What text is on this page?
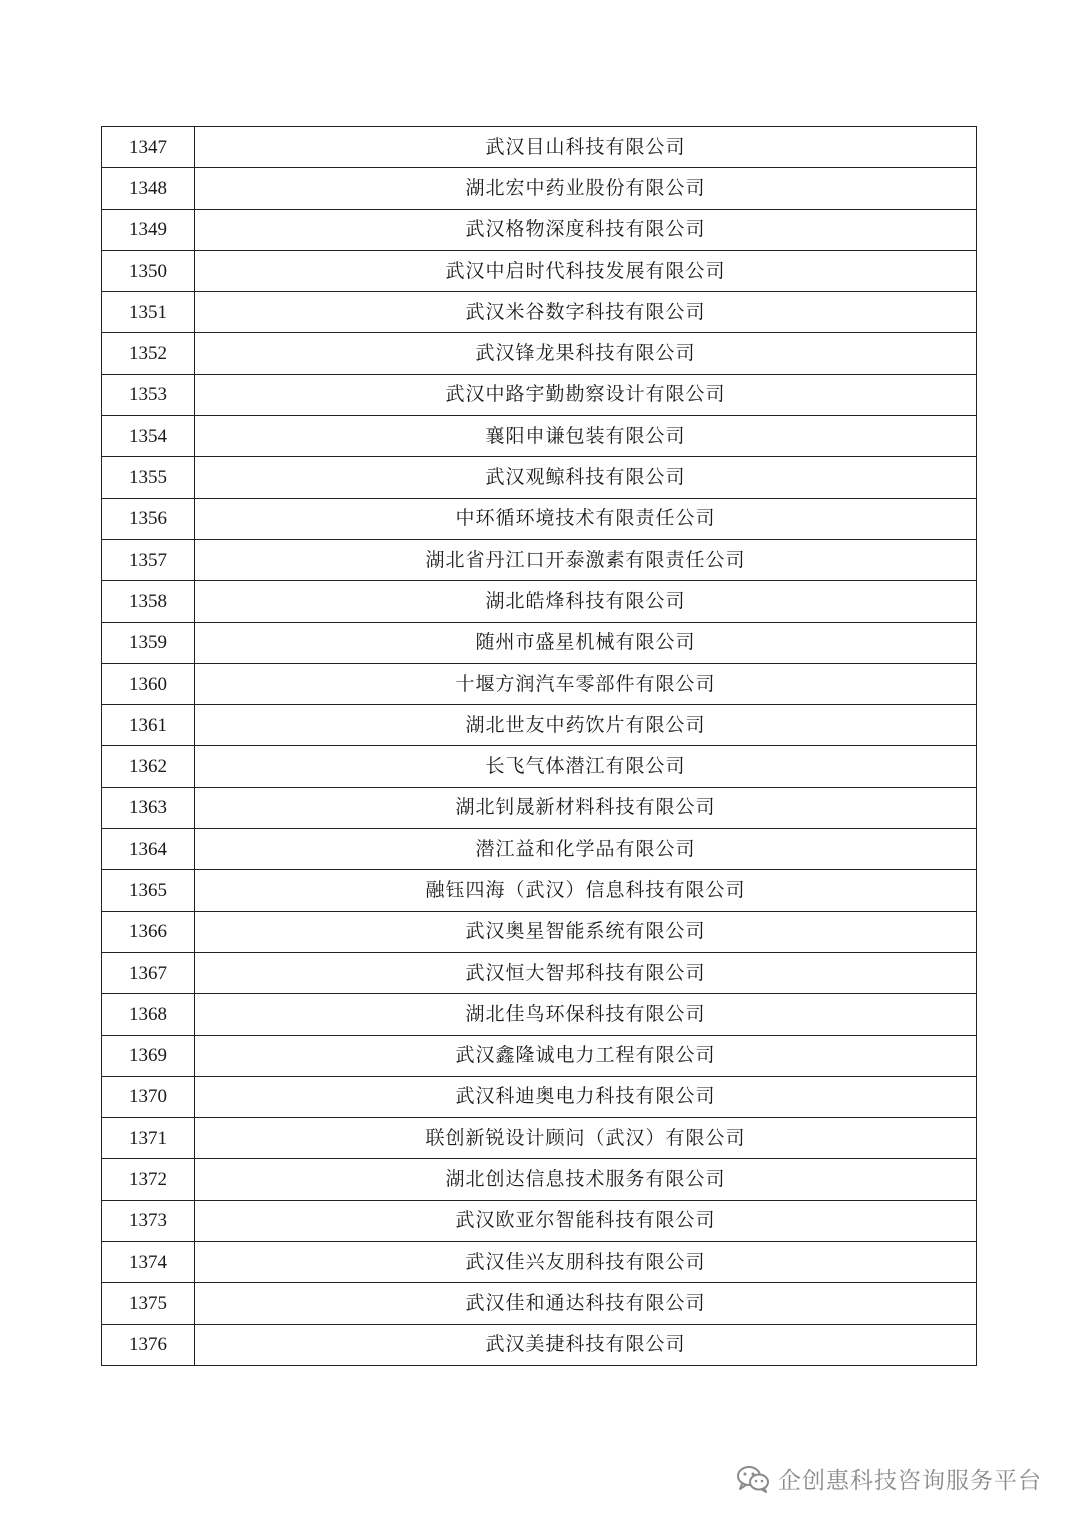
1347	武汉目山科技有限公司
1348	湖北宏中药业股份有限公司
1349	武汉格物深度科技有限公司
1350	武汉中启时代科技发展有限公司
1351	武汉米谷数字科技有限公司
1352	武汉锋龙果科技有限公司
1353	武汉中路宇勤勘察设计有限公司
1354	襄阳申谦包装有限公司
1355	武汉观鲸科技有限公司
1356	中环循环境技术有限责任公司
1357	湖北省丹江口开泰激素有限责任公司
1358	湖北皓烽科技有限公司
1359	随州市盛星机械有限公司
1360	十堰方润汽车零部件有限公司
1361	湖北世友中药饮片有限公司
1362	长飞气体潜江有限公司
1363	湖北钊晟新材料科技有限公司
1364	潜江益和化学品有限公司
1365	融钰四海（武汉）信息科技有限公司
1366	武汉奥星智能系统有限公司
1367	武汉恒大智邦科技有限公司
1368	湖北佳鸟环保科技有限公司
1369	武汉鑫隆诚电力工程有限公司
1370	武汉科迪奥电力科技有限公司
1371	联创新锐设计顾问（武汉）有限公司
1372	湖北创达信息技术服务有限公司
1373	武汉欧亚尔智能科技有限公司
1374	武汉佳兴友朋科技有限公司
1375	武汉佳和通达科技有限公司
1376	武汉美捷科技有限公司
企创惠科技咨询服务平台
